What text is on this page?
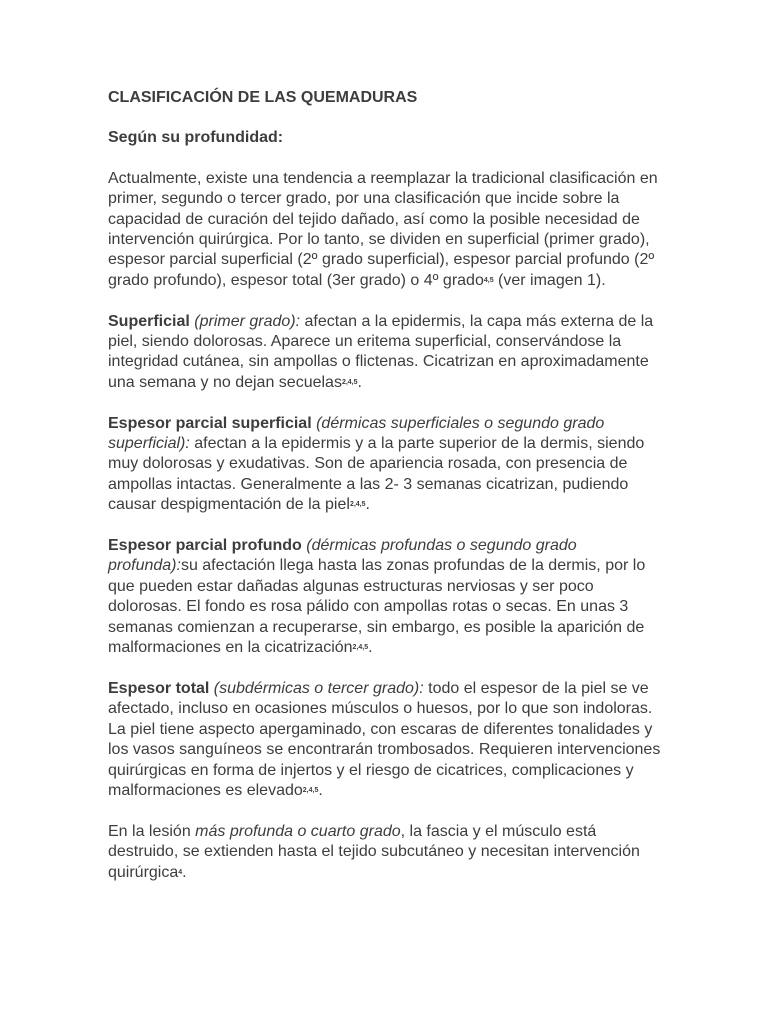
CLASIFICACIÓN DE LAS QUEMADURAS
Según su profundidad:

Actualmente, existe una tendencia a reemplazar la tradicional clasificación en primer, segundo o tercer grado, por una clasificación que incide sobre la capacidad de curación del tejido dañado, así como la posible necesidad de intervención quirúrgica. Por lo tanto, se dividen en superficial (primer grado), espesor parcial superficial (2º grado superficial), espesor parcial profundo (2º grado profundo), espesor total (3er grado) o 4º grado4,5 (ver imagen 1).

Superficial (primer grado): afectan a la epidermis, la capa más externa de la piel, siendo dolorosas. Aparece un eritema superficial, conservándose la integridad cutánea, sin ampollas o flictenas. Cicatrizan en aproximadamente una semana y no dejan secuelas2,4,5.

Espesor parcial superficial (dérmicas superficiales o segundo grado superficial): afectan a la epidermis y a la parte superior de la dermis, siendo muy dolorosas y exudativas. Son de apariencia rosada, con presencia de ampollas intactas. Generalmente a las 2- 3 semanas cicatrizan, pudiendo causar despigmentación de la piel2,4,5.

Espesor parcial profundo (dérmicas profundas o segundo grado profunda):su afectación llega hasta las zonas profundas de la dermis, por lo que pueden estar dañadas algunas estructuras nerviosas y ser poco dolorosas. El fondo es rosa pálido con ampollas rotas o secas. En unas 3 semanas comienzan a recuperarse, sin embargo, es posible la aparición de malformaciones en la cicatrización2,4,5.

Espesor total (subdérmicas o tercer grado): todo el espesor de la piel se ve afectado, incluso en ocasiones músculos o huesos, por lo que son indoloras. La piel tiene aspecto apergaminado, con escaras de diferentes tonalidades y los vasos sanguíneos se encontrarán trombosados. Requieren intervenciones quirúrgicas en forma de injertos y el riesgo de cicatrices, complicaciones y malformaciones es elevado2,4,5.

En la lesión más profunda o cuarto grado, la fascia y el músculo está destruido, se extienden hasta el tejido subcutáneo y necesitan intervención quirúrgica4.
